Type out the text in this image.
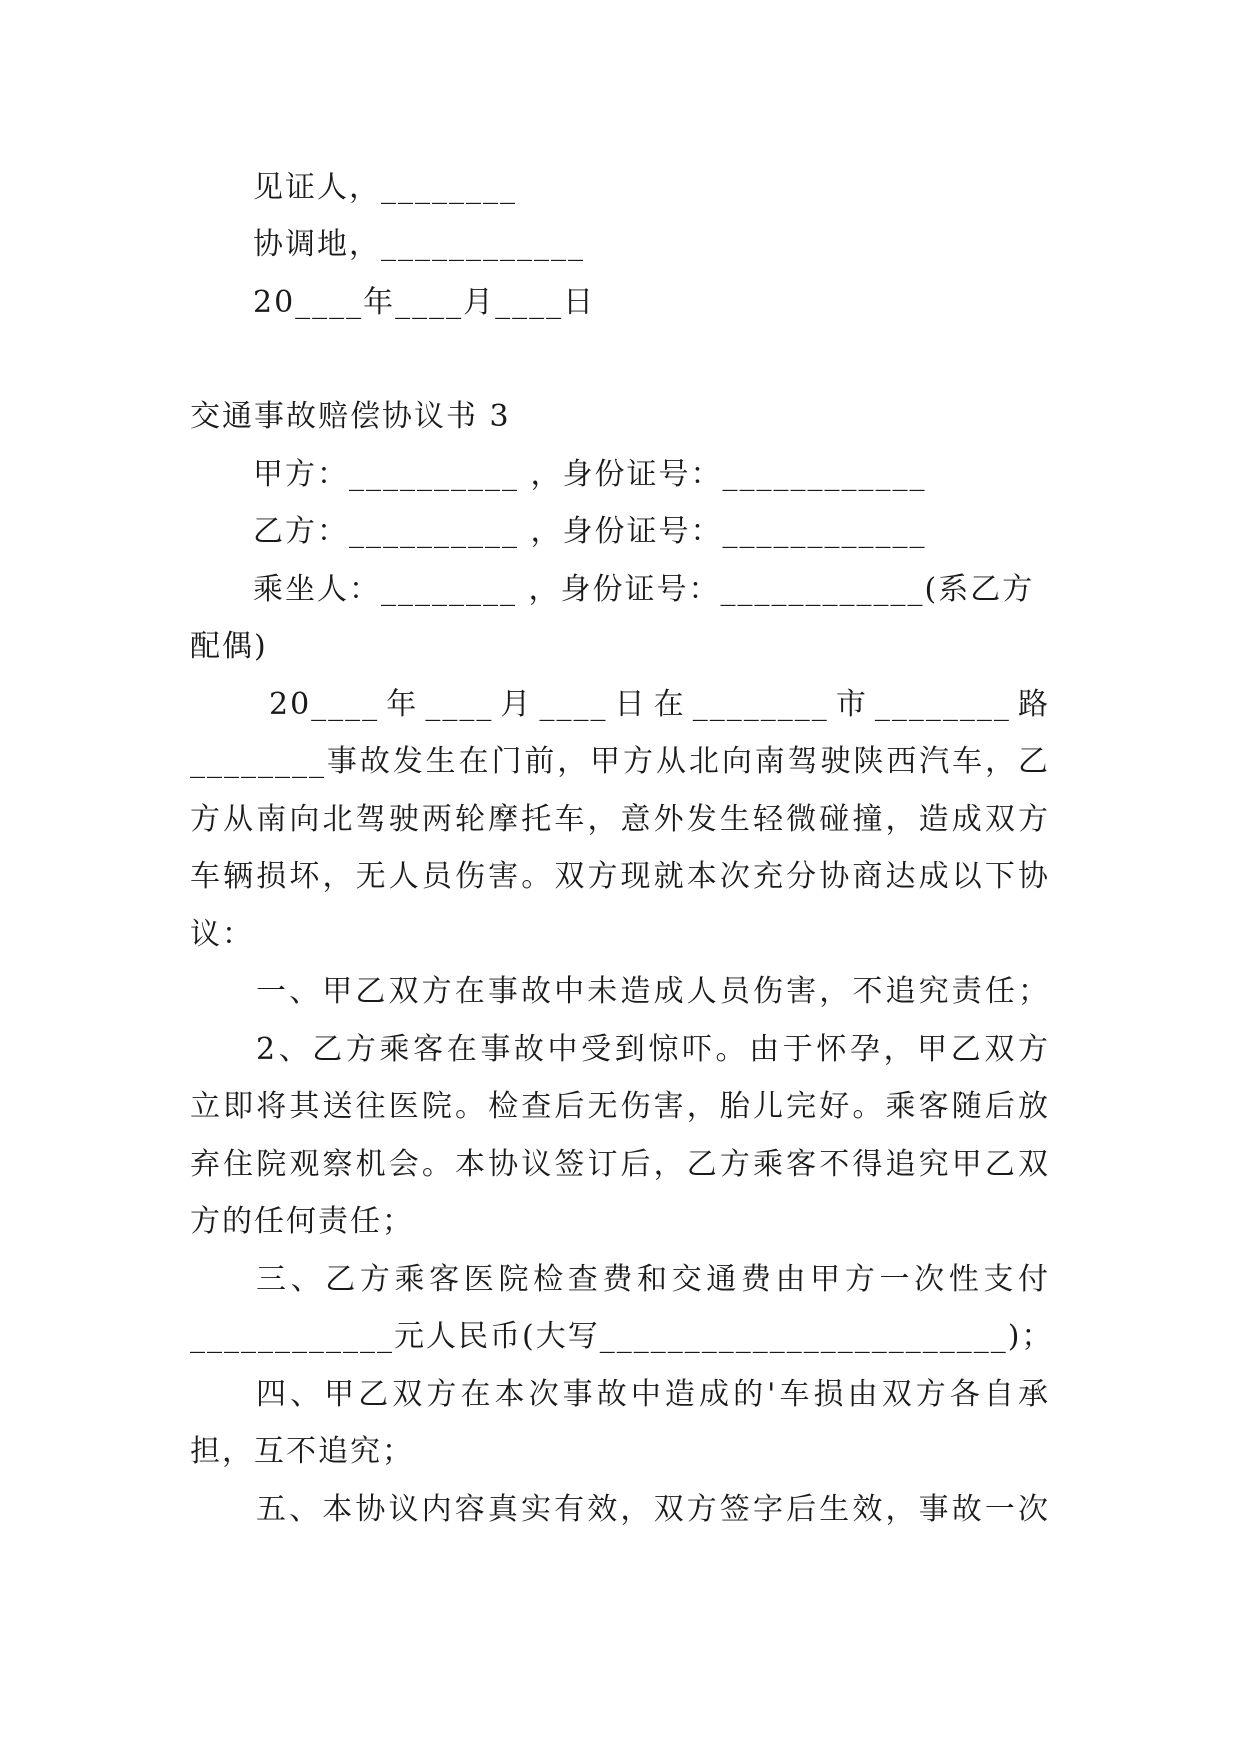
见证人，________
协调地，____________
20____年____月____日
交通事故赔偿协议书 3
甲方：__________ ，身份证号：____________
乙方：__________ ，身份证号：____________
乘坐人：________ ，身份证号：____________(系乙方
配偶)
20____年____月____日在________市________路
________事故发生在门前，甲方从北向南驾驶陕西汽车，乙
方从南向北驾驶两轮摩托车，意外发生轻微碰撞，造成双方
车辆损坏，无人员伤害。双方现就本次充分协商达成以下协
议：
一、甲乙双方在事故中未造成人员伤害，不追究责任；
2、乙方乘客在事故中受到惊吓。由于怀孕，甲乙双方
立即将其送往医院。检查后无伤害，胎儿完好。乘客随后放
弃住院观察机会。本协议签订后，乙方乘客不得追究甲乙双
方的任何责任；
三、乙方乘客医院检查费和交通费由甲方一次性支付
____________元人民币(大写________________________)；
四、甲乙双方在本次事故中造成的'车损由双方各自承
担，互不追究；
五、本协议内容真实有效，双方签字后生效，事故一次
